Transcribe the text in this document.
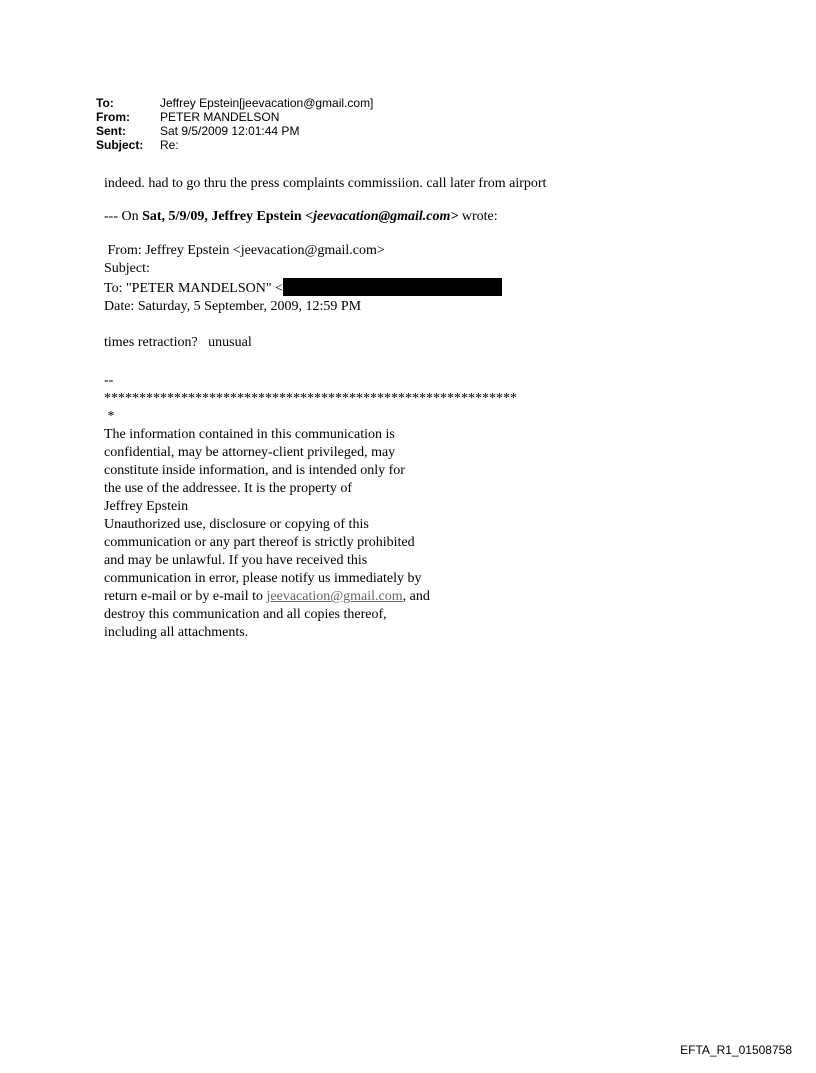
To:	Jeffrey Epstein[jeevacation@gmail.com]
From:	PETER MANDELSON
Sent:	Sat 9/5/2009 12:01:44 PM
Subject:	Re:
indeed. had to go thru the press complaints commissiion. call later from airport
--- On Sat, 5/9/09, Jeffrey Epstein <jeevacation@gmail.com> wrote:
From: Jeffrey Epstein <jeevacation@gmail.com>
Subject:
To: "PETER MANDELSON" <
Date: Saturday, 5 September, 2009, 12:59 PM
times retraction?   unusual
--
***********************************************************
*
The information contained in this communication is
confidential, may be attorney-client privileged, may
constitute inside information, and is intended only for
the use of the addressee. It is the property of
Jeffrey Epstein
Unauthorized use, disclosure or copying of this
communication or any part thereof is strictly prohibited
and may be unlawful. If you have received this
communication in error, please notify us immediately by
return e-mail or by e-mail to jeevacation@gmail.com, and
destroy this communication and all copies thereof,
including all attachments.
EFTA_R1_01508758
